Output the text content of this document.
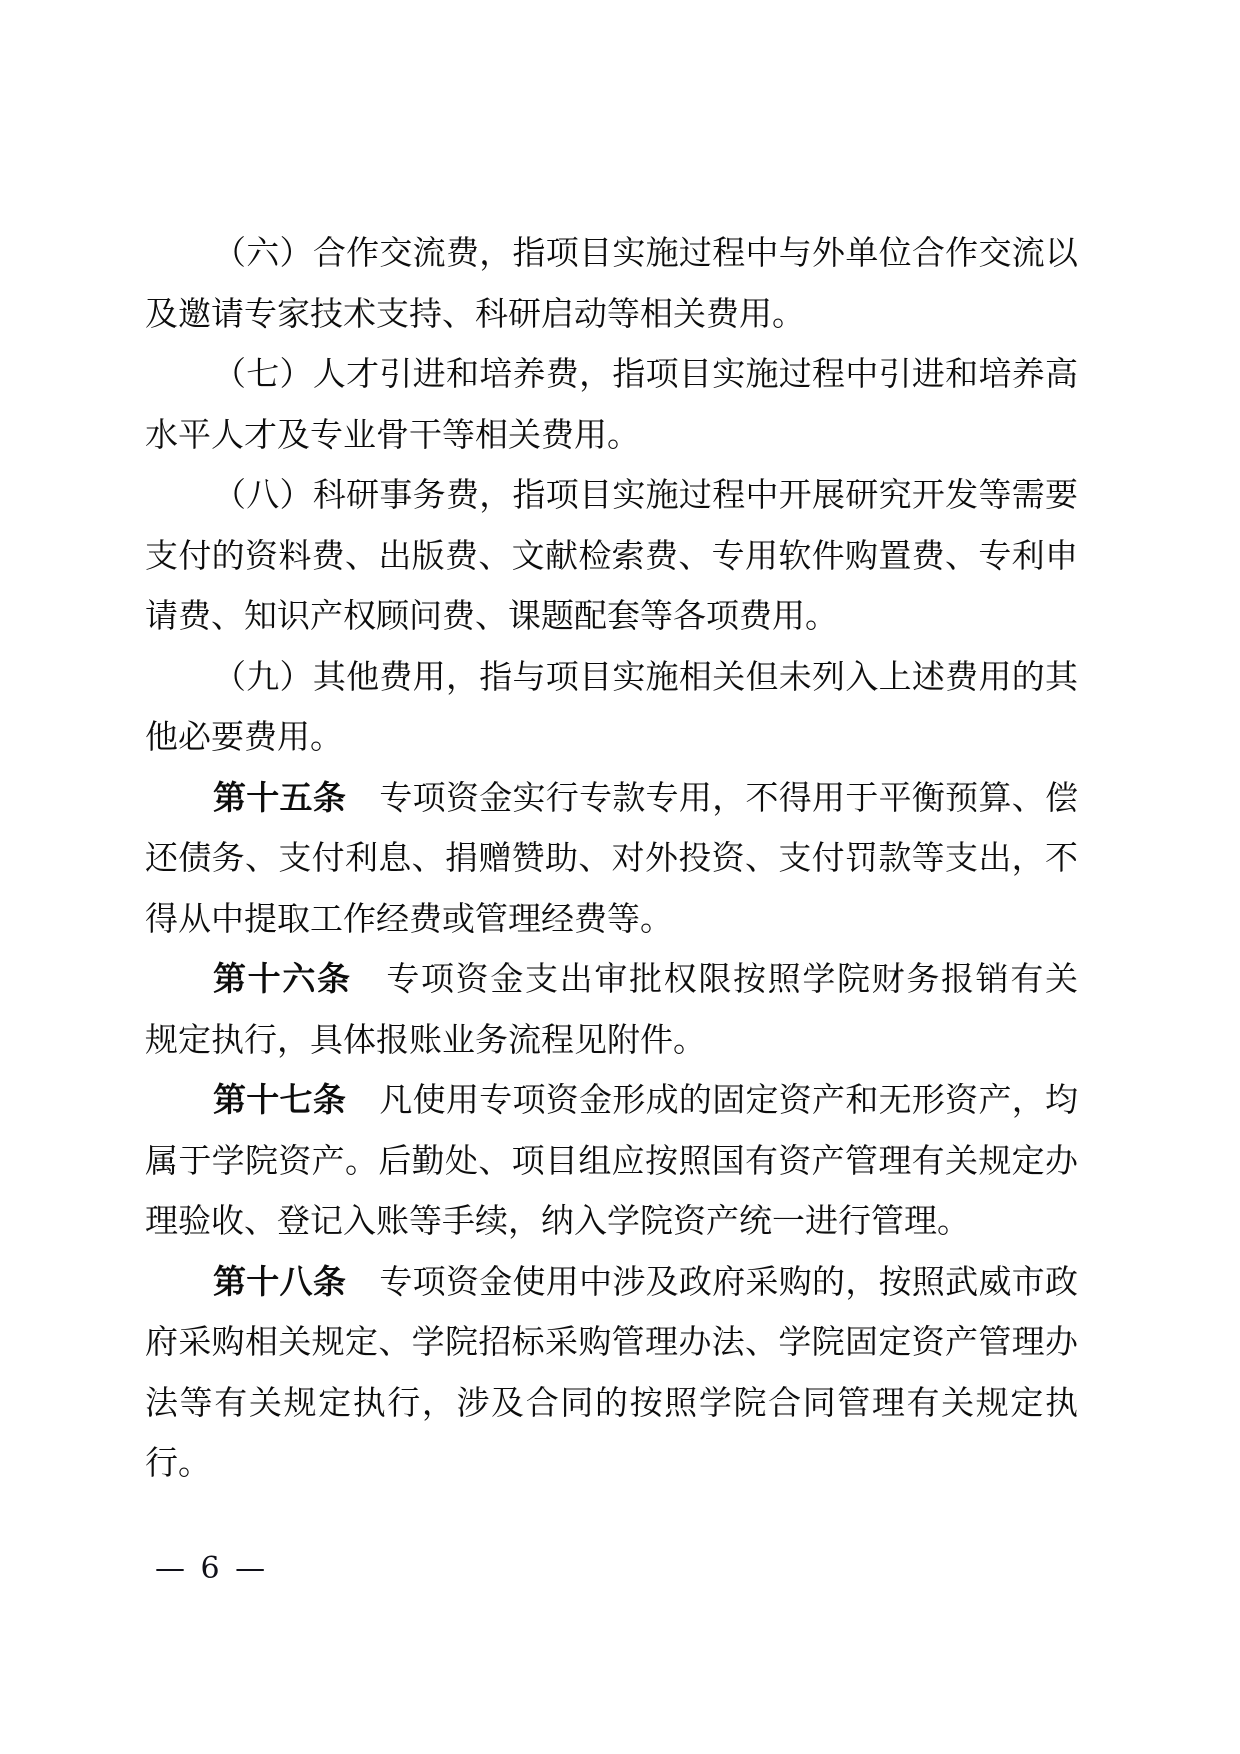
（六）合作交流费，指项目实施过程中与外单位合作交流以
及邀请专家技术支持、科研启动等相关费用。
（七）人才引进和培养费，指项目实施过程中引进和培养高
水平人才及专业骨干等相关费用。
（八）科研事务费，指项目实施过程中开展研究开发等需要
支付的资料费、出版费、文献检索费、专用软件购置费、专利申
请费、知识产权顾问费、课题配套等各项费用。
（九）其他费用，指与项目实施相关但未列入上述费用的其
他必要费用。
第十五条 专项资金实行专款专用，不得用于平衡预算、偿
还债务、支付利息、捐赠赞助、对外投资、支付罚款等支出，不
得从中提取工作经费或管理经费等。
第十六条 专项资金支出审批权限按照学院财务报销有关
规定执行，具体报账业务流程见附件。
第十七条 凡使用专项资金形成的固定资产和无形资产，均
属于学院资产。后勤处、项目组应按照国有资产管理有关规定办
理验收、登记入账等手续，纳入学院资产统一进行管理。
第十八条 专项资金使用中涉及政府采购的，按照武威市政
府采购相关规定、学院招标采购管理办法、学院固定资产管理办
法等有关规定执行，涉及合同的按照学院合同管理有关规定执
行。
— 6 —
